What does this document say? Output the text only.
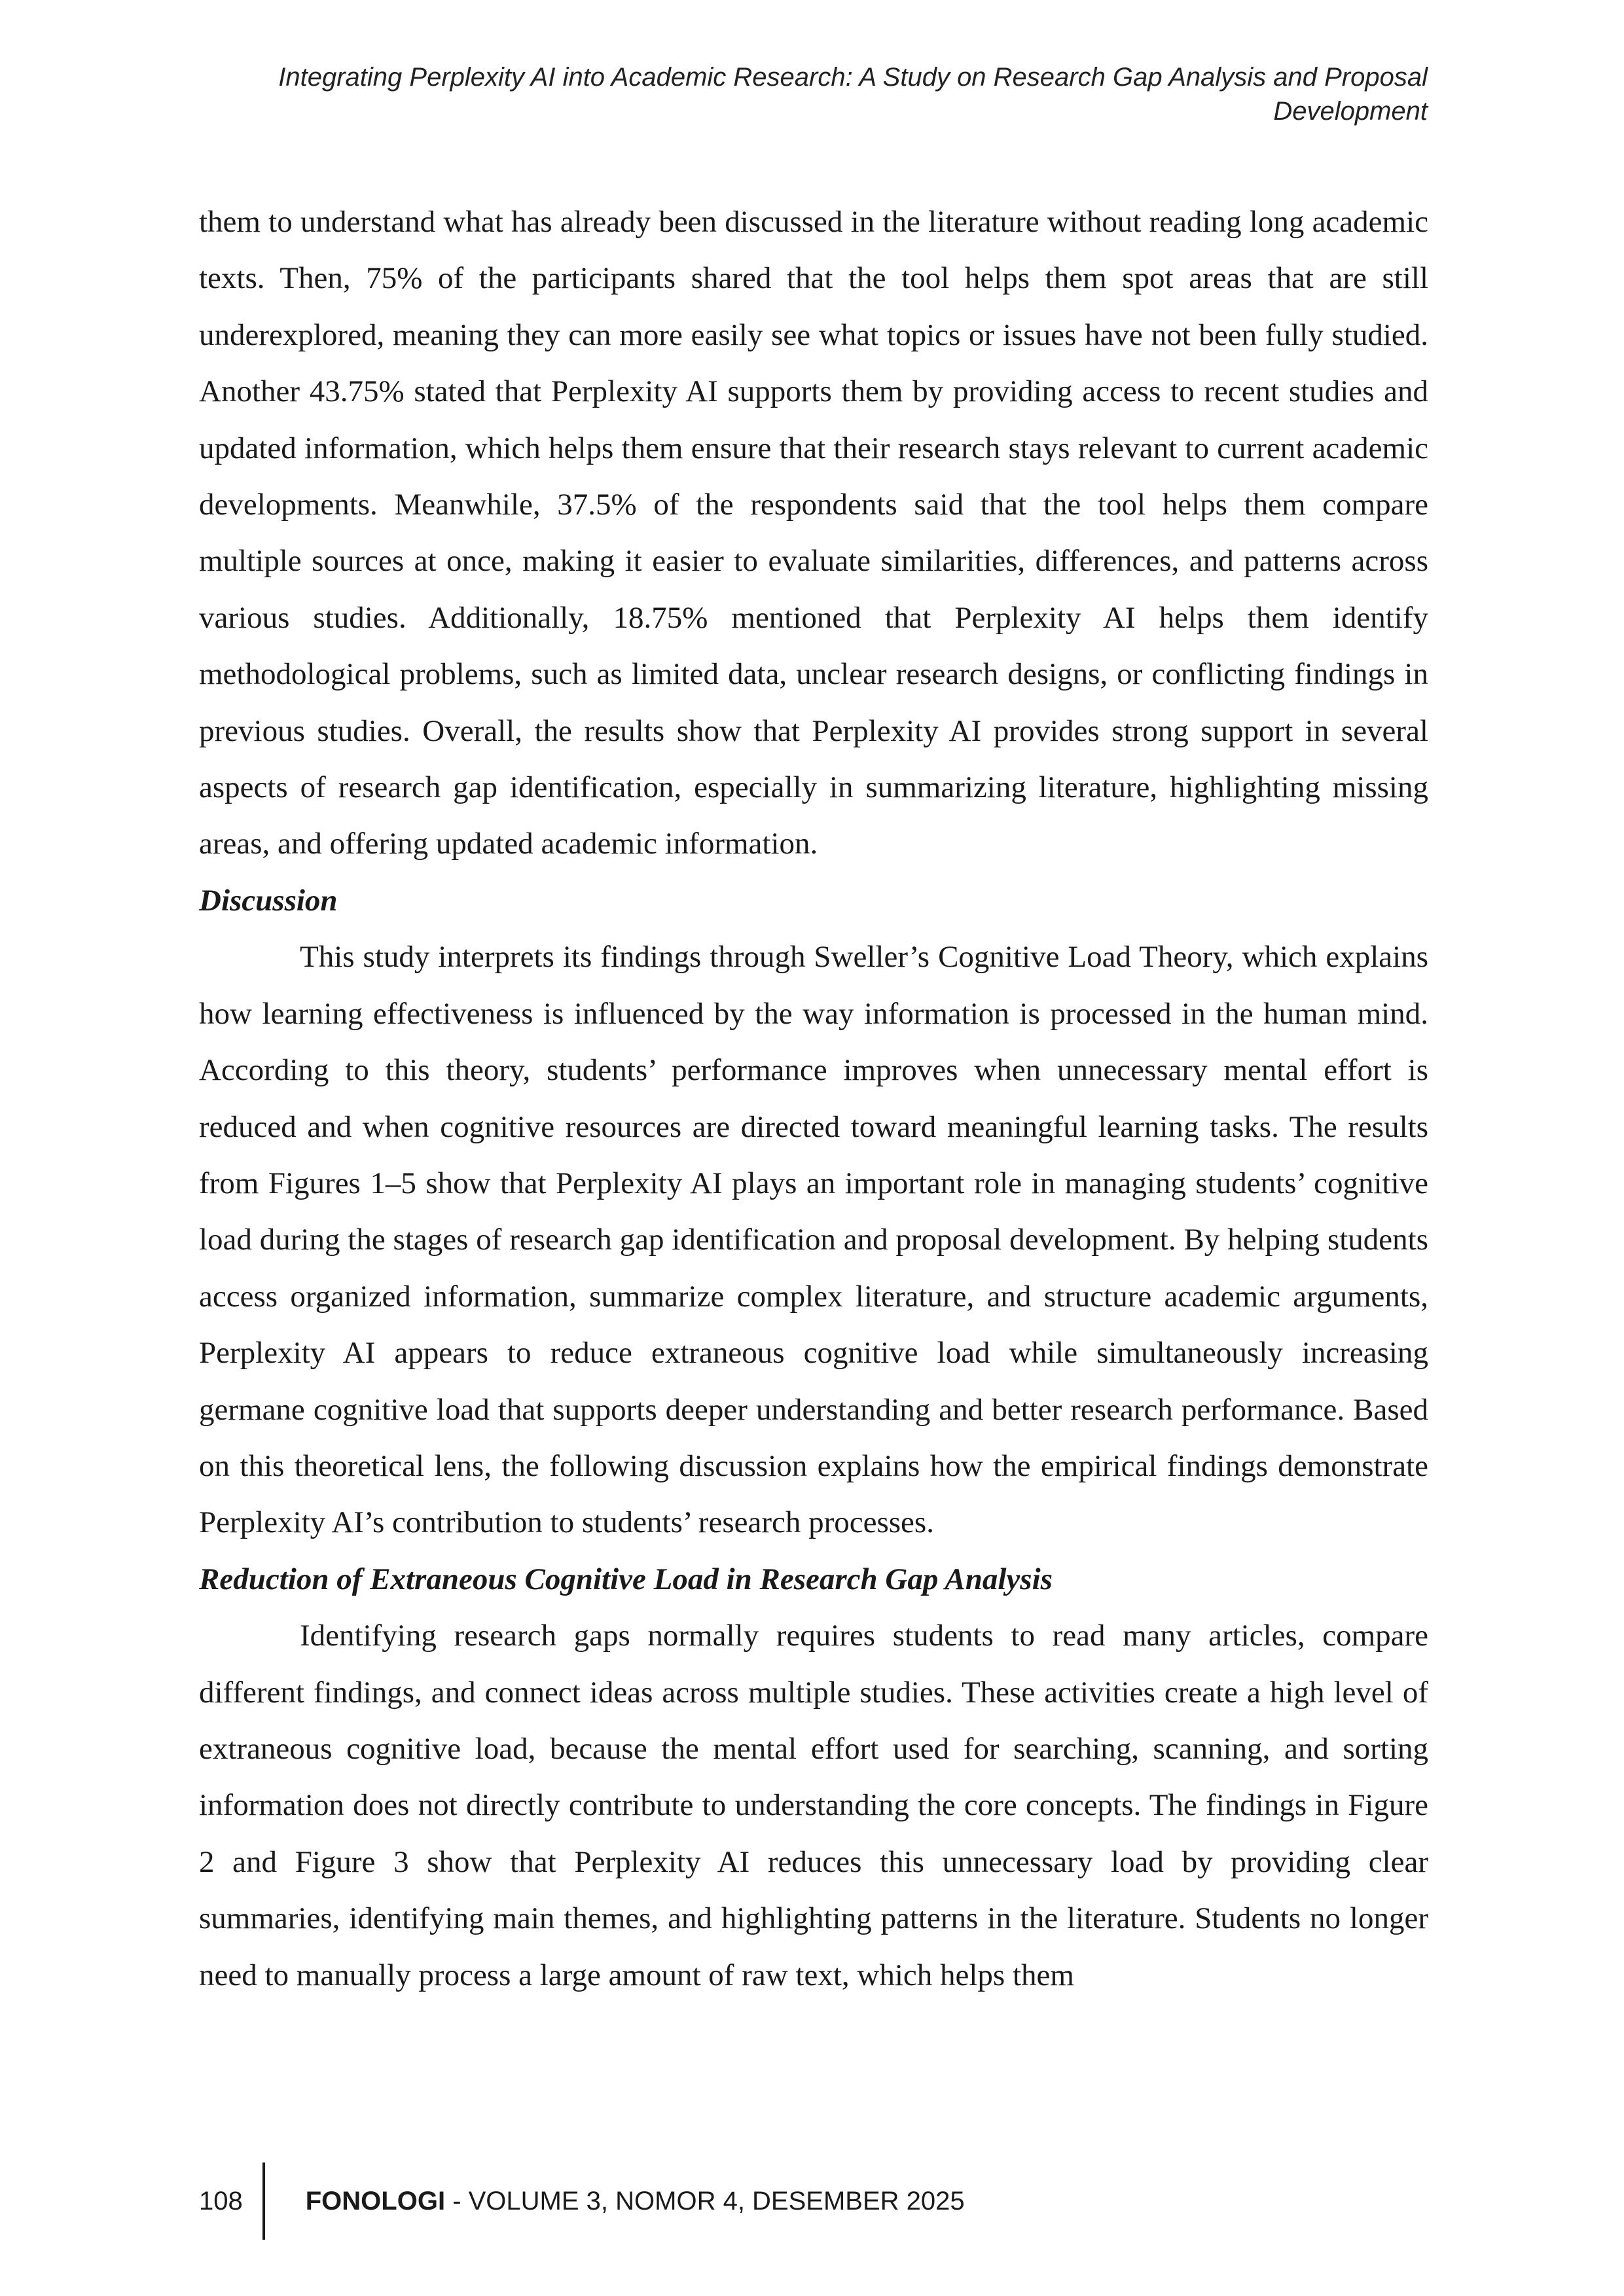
Integrating Perplexity AI into Academic Research: A Study on Research Gap Analysis and Proposal Development

them to understand what has already been discussed in the literature without reading long academic texts. Then, 75% of the participants shared that the tool helps them spot areas that are still underexplored, meaning they can more easily see what topics or issues have not been fully studied. Another 43.75% stated that Perplexity AI supports them by providing access to recent studies and updated information, which helps them ensure that their research stays relevant to current academic developments. Meanwhile, 37.5% of the respondents said that the tool helps them compare multiple sources at once, making it easier to evaluate similarities, differences, and patterns across various studies. Additionally, 18.75% mentioned that Perplexity AI helps them identify methodological problems, such as limited data, unclear research designs, or conflicting findings in previous studies. Overall, the results show that Perplexity AI provides strong support in several aspects of research gap identification, especially in summarizing literature, highlighting missing areas, and offering updated academic information.

Discussion

This study interprets its findings through Sweller’s Cognitive Load Theory, which explains how learning effectiveness is influenced by the way information is processed in the human mind. According to this theory, students’ performance improves when unnecessary mental effort is reduced and when cognitive resources are directed toward meaningful learning tasks. The results from Figures 1–5 show that Perplexity AI plays an important role in managing students’ cognitive load during the stages of research gap identification and proposal development. By helping students access organized information, summarize complex literature, and structure academic arguments, Perplexity AI appears to reduce extraneous cognitive load while simultaneously increasing germane cognitive load that supports deeper understanding and better research performance. Based on this theoretical lens, the following discussion explains how the empirical findings demonstrate Perplexity AI’s contribution to students’ research processes.

Reduction of Extraneous Cognitive Load in Research Gap Analysis

Identifying research gaps normally requires students to read many articles, compare different findings, and connect ideas across multiple studies. These activities create a high level of extraneous cognitive load, because the mental effort used for searching, scanning, and sorting information does not directly contribute to understanding the core concepts. The findings in Figure 2 and Figure 3 show that Perplexity AI reduces this unnecessary load by providing clear summaries, identifying main themes, and highlighting patterns in the literature. Students no longer need to manually process a large amount of raw text, which helps them

108	FONOLOGI - VOLUME 3, NOMOR 4, DESEMBER 2025
